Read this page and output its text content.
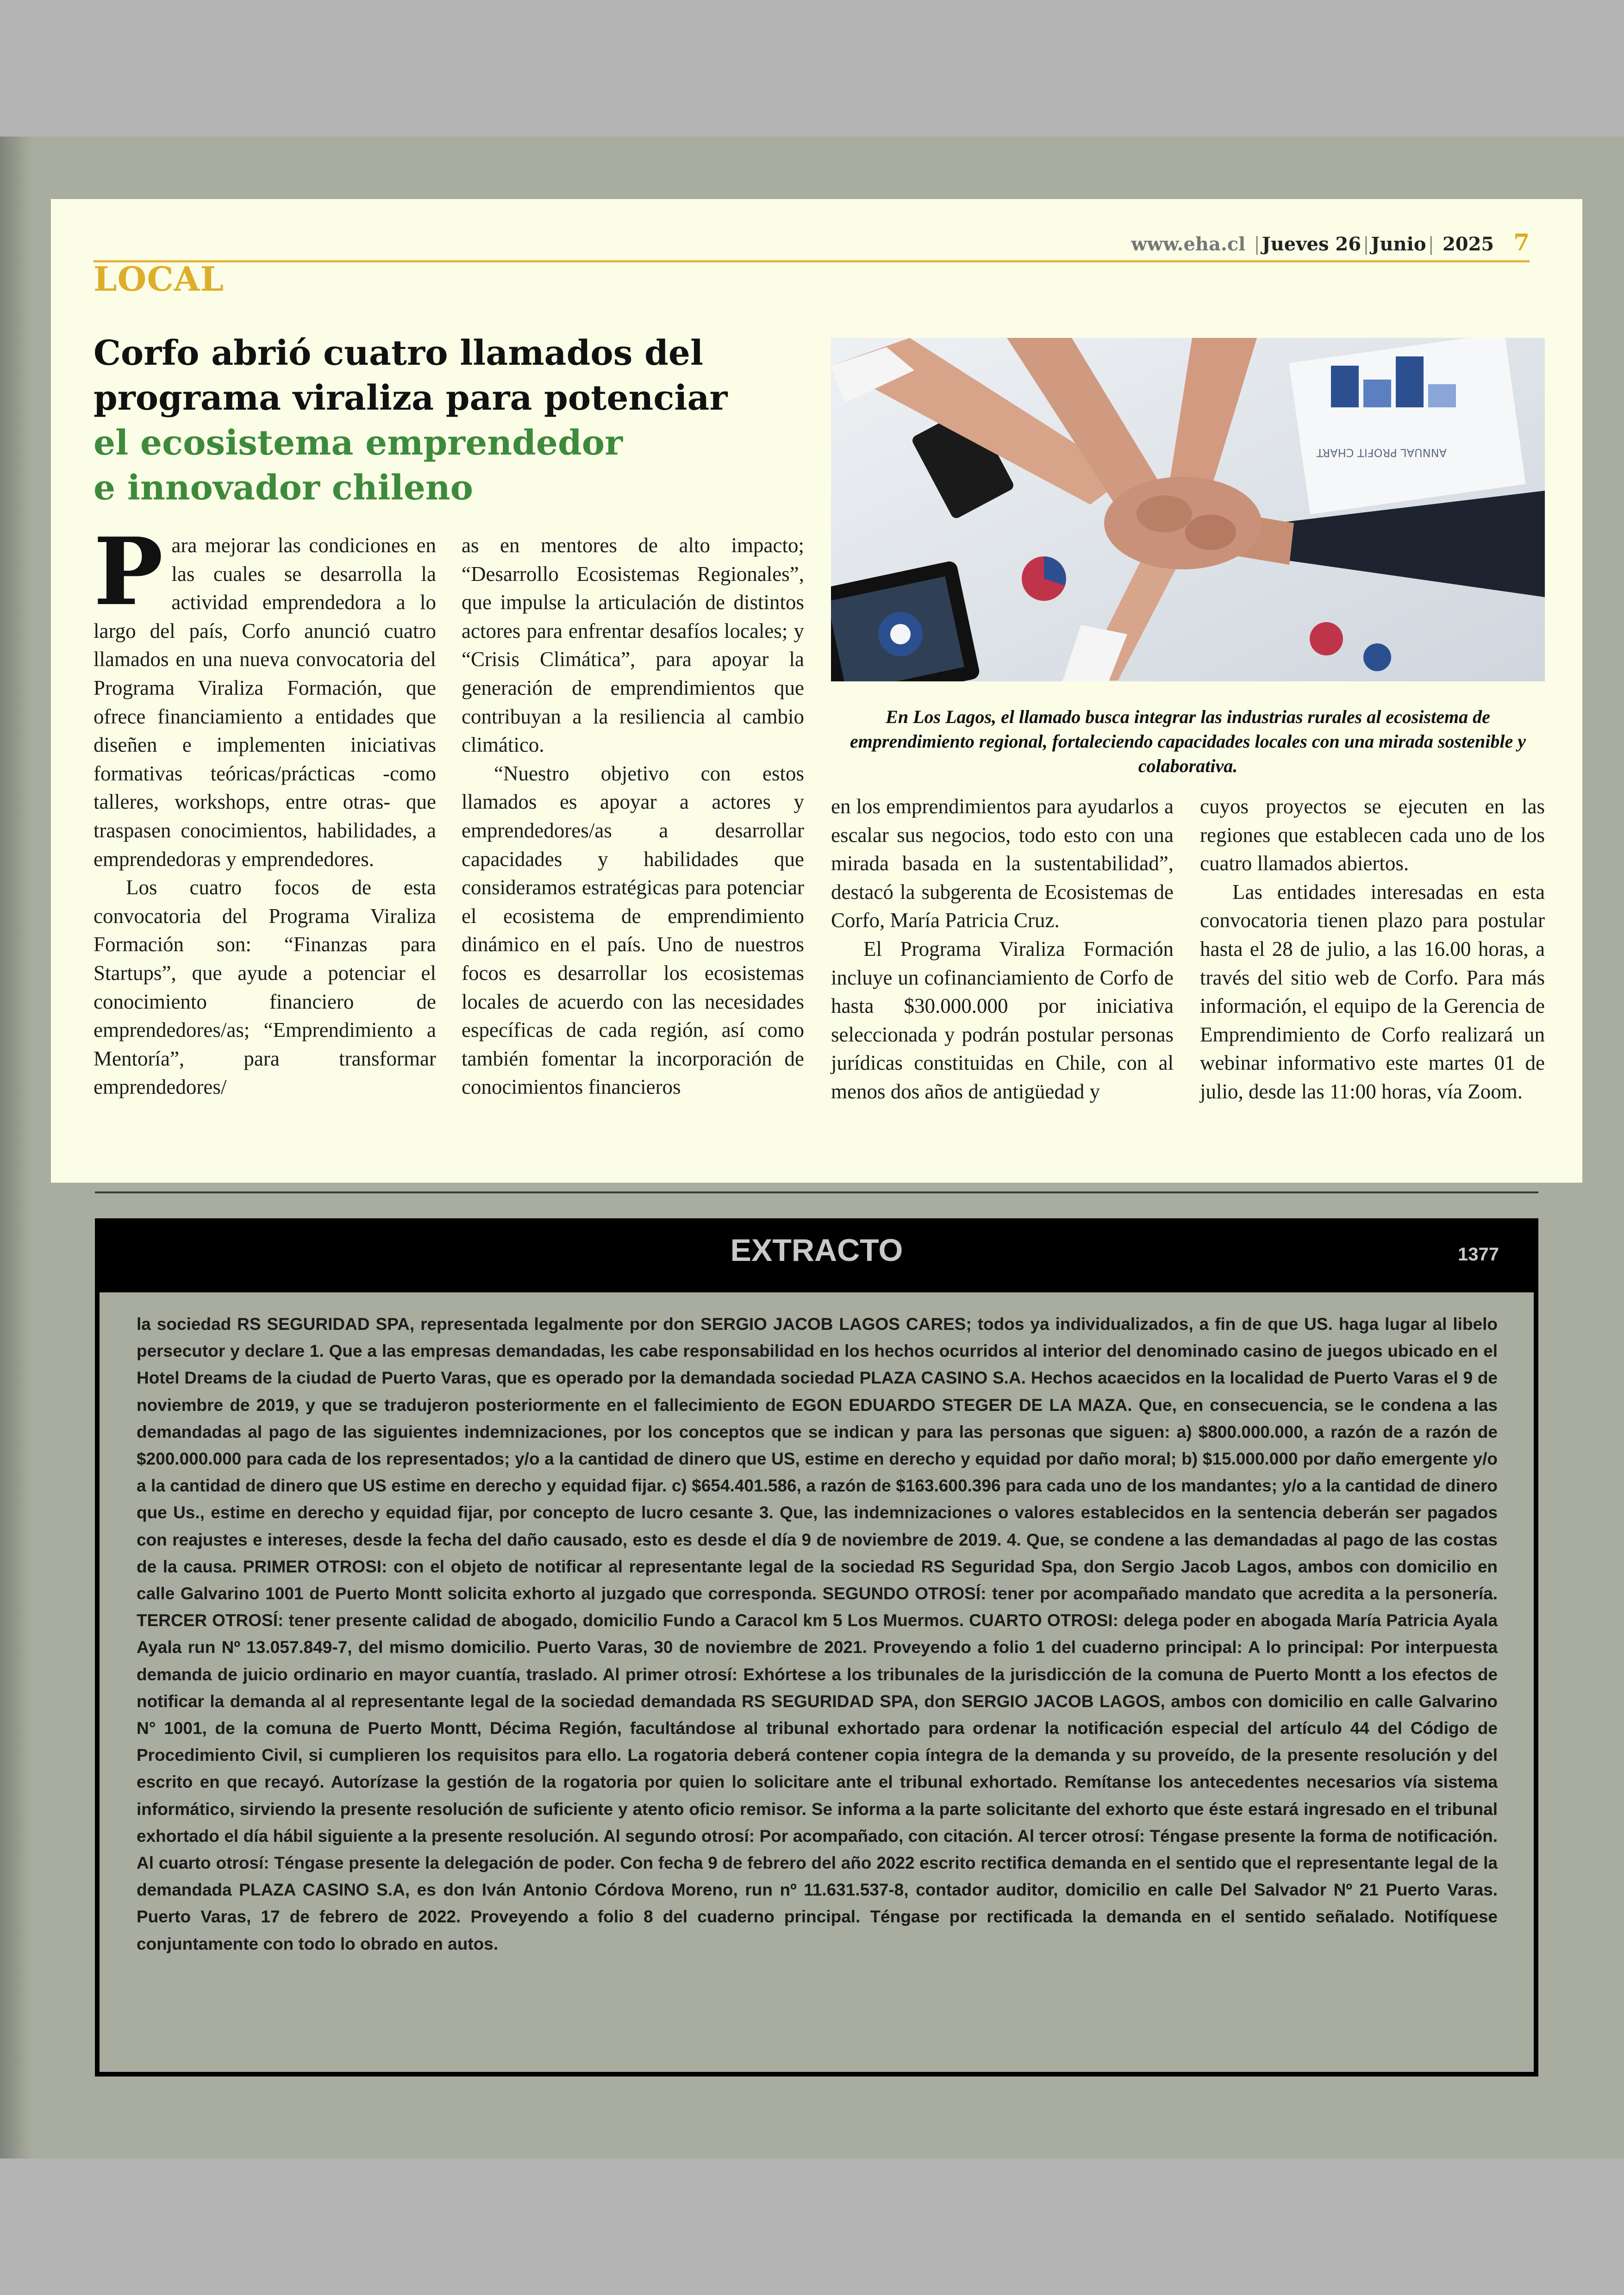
www.eha.cl | Jueves 26 | Junio | 2025 7
LOCAL
Corfo abrió cuatro llamados del
programa viraliza para potenciar
el ecosistema emprendedor
e innovador chileno
ANNUAL PROFIT CHART

En Los Lagos, el llamado busca integrar las industrias rurales al ecosistema de emprendimiento regional, fortaleciendo capacidades locales con una mirada sostenible y colaborativa.

Para mejorar las condiciones en las cuales se desarrolla la actividad emprendedora a lo largo del país, Corfo anunció cuatro llamados en una nueva convocatoria del Programa Viraliza Formación, que ofrece financiamiento a entidades que diseñen e implementen iniciativas formativas teóricas/prácticas -como talleres, workshops, entre otras- que traspasen conocimientos, habilidades, a emprendedoras y emprendedores.

Los cuatro focos de esta convocatoria del Programa Viraliza Formación son: “Finanzas para Startups”, que ayude a potenciar el conocimiento financiero de emprendedores/as; “Emprendimiento a Mentoría”, para transformar emprendedores/

as en mentores de alto impacto; “Desarrollo Ecosistemas Regionales”, que impulse la articulación de distintos actores para enfrentar desafíos locales; y “Crisis Climática”, para apoyar la generación de emprendimientos que contribuyan a la resiliencia al cambio climático.

“Nuestro objetivo con estos llamados es apoyar a actores y emprendedores/as a desarrollar capacidades y habilidades que consideramos estratégicas para potenciar el ecosistema de emprendimiento dinámico en el país. Uno de nuestros focos es desarrollar los ecosistemas locales de acuerdo con las necesidades específicas de cada región, así como también fomentar la incorporación de conocimientos financieros

en los emprendimientos para ayudarlos a escalar sus negocios, todo esto con una mirada basada en la sustentabilidad”, destacó la subgerenta de Ecosistemas de Corfo, María Patricia Cruz.

El Programa Viraliza Formación incluye un cofinanciamiento de Corfo de hasta $30.000.000 por iniciativa seleccionada y podrán postular personas jurídicas constituidas en Chile, con al menos dos años de antigüedad y

cuyos proyectos se ejecuten en las regiones que establecen cada uno de los cuatro llamados abiertos.

Las entidades interesadas en esta convocatoria tienen plazo para postular hasta el 28 de julio, a las 16.00 horas, a través del sitio web de Corfo. Para más información, el equipo de la Gerencia de Emprendimiento de Corfo realizará un webinar informativo este martes 01 de julio, desde las 11:00 horas, vía Zoom.

EXTRACTO	1377

la sociedad RS SEGURIDAD SPA, representada legalmente por don SERGIO JACOB LAGOS CARES; todos ya individualizados, a fin de que US. haga lugar al libelo persecutor y declare 1. Que a las empresas demandadas, les cabe responsabilidad en los hechos ocurridos al interior del denominado casino de juegos ubicado en el Hotel Dreams de la ciudad de Puerto Varas, que es operado por la demandada sociedad PLAZA CASINO S.A. Hechos acaecidos en la localidad de Puerto Varas el 9 de noviembre de 2019, y que se tradujeron posteriormente en el fallecimiento de EGON EDUARDO STEGER DE LA MAZA. Que, en consecuencia, se le condena a las demandadas al pago de las siguientes indemnizaciones, por los conceptos que se indican y para las personas que siguen: a) $800.000.000, a razón de a razón de $200.000.000 para cada de los representados; y/o a la cantidad de dinero que US, estime en derecho y equidad por daño moral; b) $15.000.000 por daño emergente y/o a la cantidad de dinero que US estime en derecho y equidad fijar. c) $654.401.586, a razón de $163.600.396 para cada uno de los mandantes; y/o a la cantidad de dinero que Us., estime en derecho y equidad fijar, por concepto de lucro cesante 3. Que, las indemnizaciones o valores establecidos en la sentencia deberán ser pagados con reajustes e intereses, desde la fecha del daño causado, esto es desde el día 9 de noviembre de 2019. 4. Que, se condene a las demandadas al pago de las costas de la causa. PRIMER OTROSI: con el objeto de notificar al representante legal de la sociedad RS Seguridad Spa, don Sergio Jacob Lagos, ambos con domicilio en calle Galvarino 1001 de Puerto Montt solicita exhorto al juzgado que corresponda. SEGUNDO OTROSÍ: tener por acompañado mandato que acredita a la personería. TERCER OTROSÍ: tener presente calidad de abogado, domicilio Fundo a Caracol km 5 Los Muermos. CUARTO OTROSI: delega poder en abogada María Patricia Ayala Ayala run Nº 13.057.849-7, del mismo domicilio. Puerto Varas, 30 de noviembre de 2021. Proveyendo a folio 1 del cuaderno principal: A lo principal: Por interpuesta demanda de juicio ordinario en mayor cuantía, traslado. Al primer otrosí: Exhórtese a los tribunales de la jurisdicción de la comuna de Puerto Montt a los efectos de notificar la demanda al al representante legal de la sociedad demandada RS SEGURIDAD SPA, don SERGIO JACOB LAGOS, ambos con domicilio en calle Galvarino N° 1001, de la comuna de Puerto Montt, Décima Región, facultándose al tribunal exhortado para ordenar la notificación especial del artículo 44 del Código de Procedimiento Civil, si cumplieren los requisitos para ello. La rogatoria deberá contener copia íntegra de la demanda y su proveído, de la presente resolución y del escrito en que recayó. Autorízase la gestión de la rogatoria por quien lo solicitare ante el tribunal exhortado. Remítanse los antecedentes necesarios vía sistema informático, sirviendo la presente resolución de suficiente y atento oficio remisor. Se informa a la parte solicitante del exhorto que éste estará ingresado en el tribunal exhortado el día hábil siguiente a la presente resolución. Al segundo otrosí: Por acompañado, con citación. Al tercer otrosí: Téngase presente la forma de notificación. Al cuarto otrosí: Téngase presente la delegación de poder. Con fecha 9 de febrero del año 2022 escrito rectifica demanda en el sentido que el representante legal de la demandada PLAZA CASINO S.A, es don Iván Antonio Córdova Moreno, run nº 11.631.537-8, contador auditor, domicilio en calle Del Salvador Nº 21 Puerto Varas. Puerto Varas, 17 de febrero de 2022. Proveyendo a folio 8 del cuaderno principal. Téngase por rectificada la demanda en el sentido señalado. Notifíquese conjuntamente con todo lo obrado en autos.
